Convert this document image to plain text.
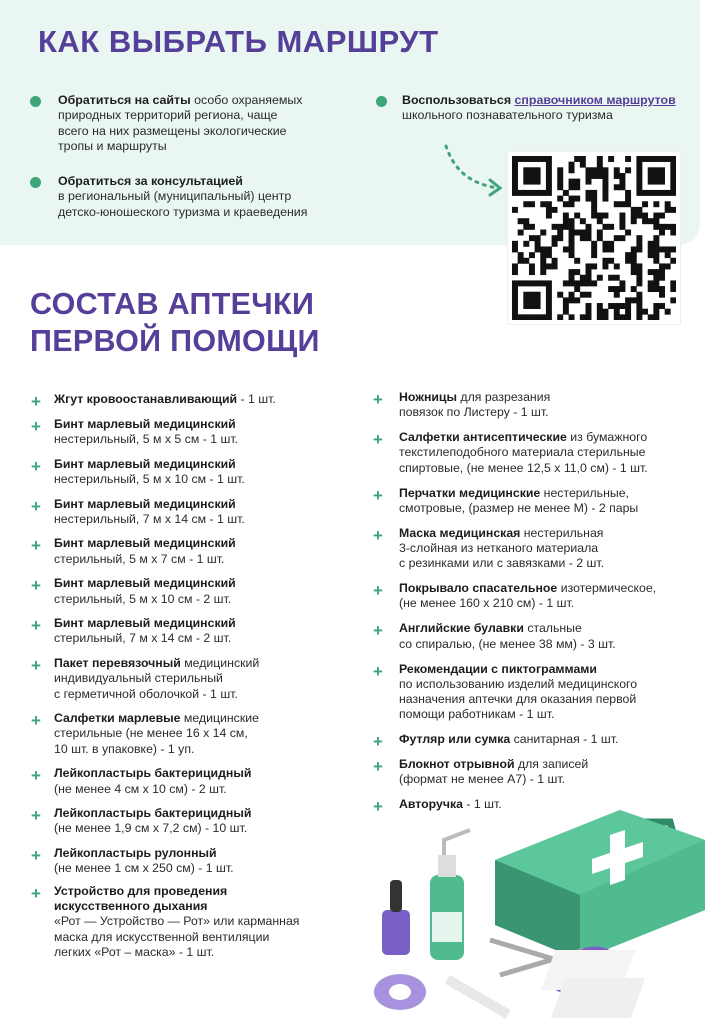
КАК ВЫБРАТЬ МАРШРУТ
Обратиться на сайты особо охраняемых
природных территорий региона, чаще
всего на них размещены экологические
тропы и маршруты
Обратиться за консультацией
в региональный (муниципальный) центр
детско-юношеского туризма и краеведения
Воспользоваться справочником маршрутов
школьного познавательного туризма
СОСТАВ АПТЕЧКИ
ПЕРВОЙ ПОМОЩИ
+ Жгут кровоостанавливающий - 1 шт.
+ Бинт марлевый медицинский
нестерильный, 5 м х 5 см - 1 шт.
+ Бинт марлевый медицинский
нестерильный, 5 м х 10 см - 1 шт.
+ Бинт марлевый медицинский
нестерильный, 7 м х 14 см - 1 шт.
+ Бинт марлевый медицинский
стерильный, 5 м х 7 см - 1 шт.
+ Бинт марлевый медицинский
стерильный, 5 м х 10 см - 2 шт.
+ Бинт марлевый медицинский
стерильный, 7 м х 14 см - 2 шт.
+ Пакет перевязочный медицинский
индивидуальный стерильный
с герметичной оболочкой - 1 шт.
+ Салфетки марлевые медицинские
стерильные (не менее 16 х 14 см,
10 шт. в упаковке) - 1 уп.
+ Лейкопластырь бактерицидный
(не менее 4 см х 10 см) - 2 шт.
+ Лейкопластырь бактерицидный
(не менее 1,9 см х 7,2 см) - 10 шт.
+ Лейкопластырь рулонный
(не менее 1 см х 250 см) - 1 шт.
+ Устройство для проведения
искусственного дыхания
«Рот — Устройство — Рот» или карманная
маска для искусственной вентиляции
легких «Рот – маска» - 1 шт.
+ Ножницы для разрезания
повязок по Листеру - 1 шт.
+ Салфетки антисептические из бумажного
текстилеподобного материала стерильные
спиртовые, (не менее 12,5 х 11,0 см) - 1 шт.
+ Перчатки медицинские нестерильные,
смотровые, (размер не менее М) - 2 пары
+ Маска медицинская нестерильная
3-слойная из нетканого материала
с резинками или с завязками - 2 шт.
+ Покрывало спасательное изотермическое,
(не менее 160 х 210 см) - 1 шт.
+ Английские булавки стальные
со спиралью, (не менее 38 мм) - 3 шт.
+ Рекомендации с пиктограммами
по использованию изделий медицинского
назначения аптечки для оказания первой
помощи работникам - 1 шт.
+ Футляр или сумка санитарная - 1 шт.
+ Блокнот отрывной для записей
(формат не менее А7) - 1 шт.
+ Авторучка - 1 шт.
